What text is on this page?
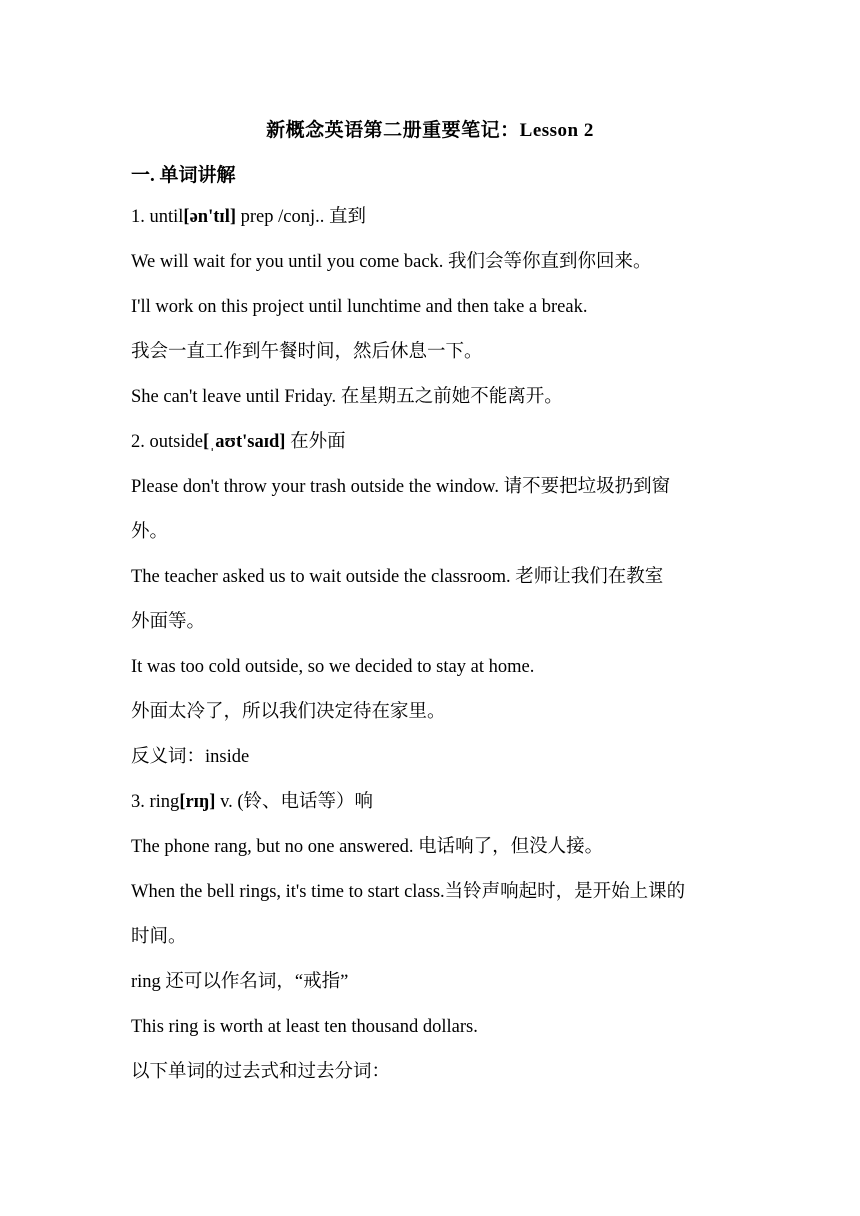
新概念英语第二册重要笔记：Lesson 2
一. 单词讲解
1. until[ən'tɪl] prep /conj.. 直到
We will wait for you until you come back. 我们会等你直到你回来。
I'll work on this project until lunchtime and then take a break.
我会一直工作到午餐时间，然后休息一下。
She can't leave until Friday. 在星期五之前她不能离开。
2. outside[ˌaʊt'saɪd] 在外面
Please don't throw your trash outside the window. 请不要把垃圾扔到窗
外。
The teacher asked us to wait outside the classroom. 老师让我们在教室
外面等。
It was too cold outside, so we decided to stay at home.
外面太冷了，所以我们决定待在家里。
反义词：inside
3. ring[rɪŋ] v. (铃、电话等）响
The phone rang, but no one answered. 电话响了，但没人接。
When the bell rings, it's time to start class.当铃声响起时，是开始上课的
时间。
ring 还可以作名词，“戒指”
This ring is worth at least ten thousand dollars.
以下单词的过去式和过去分词：
